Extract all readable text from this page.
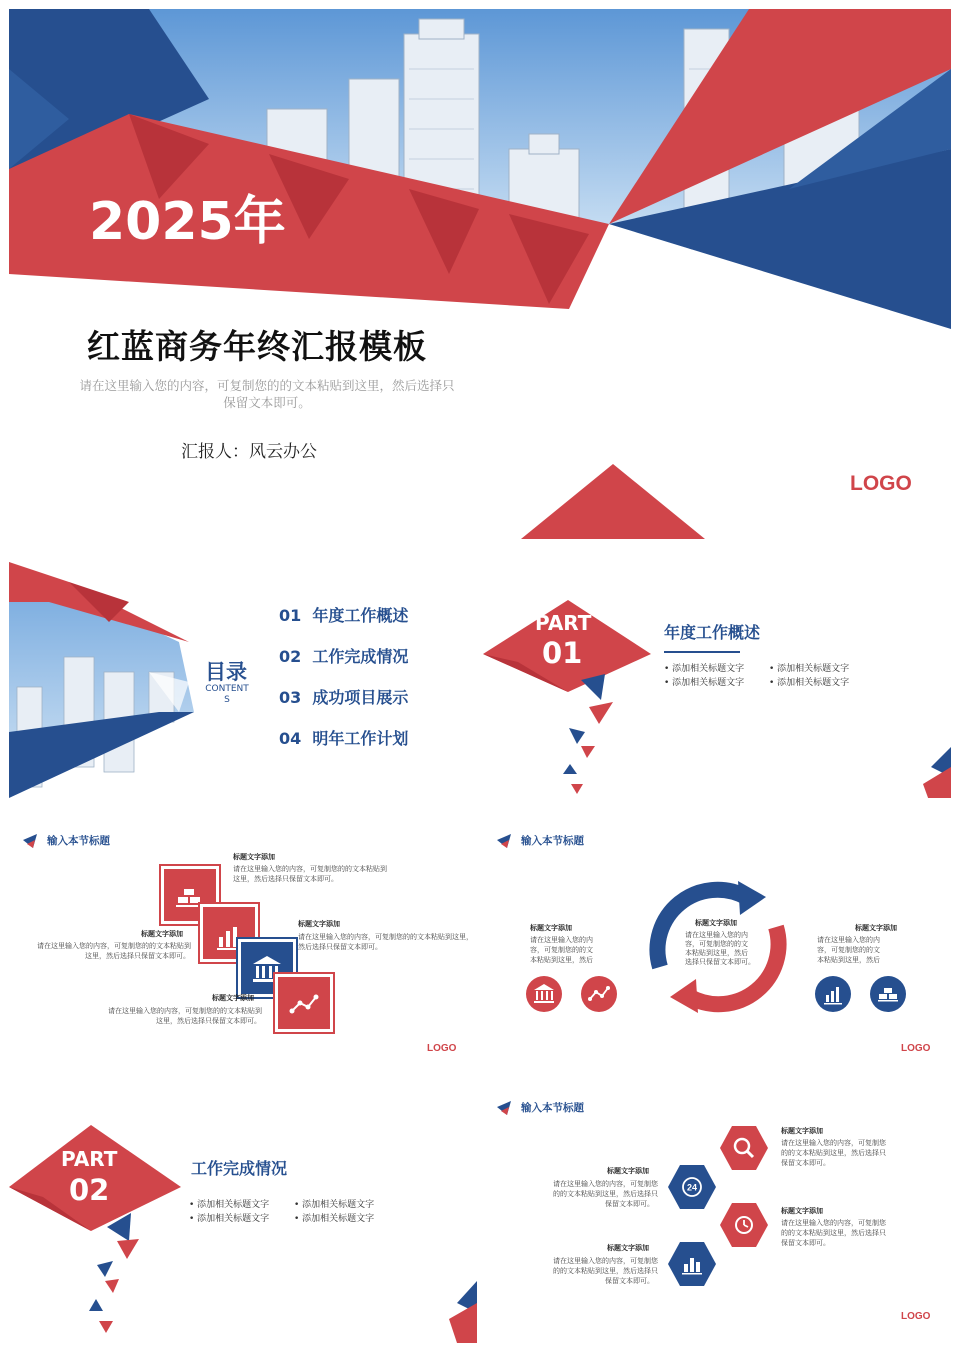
2025年
红蓝商务年终汇报模板
请在这里输入您的内容，可复制您的的文本粘贴到这里，然后选择只
保留文本即可。
汇报人：风云办公
LOGO
目录
CONTENT
S
01  年度工作概述
02  工作完成情况
03  成功项目展示
04  明年工作计划
PART
01
年度工作概述
• 添加相关标题文字
• 添加相关标题文字
• 添加相关标题文字
• 添加相关标题文字
输入本节标题
标题文字添加
请在这里输入您的内容，可复制您的的文本粘贴到
这里，然后选择只保留文本即可。
标题文字添加
请在这里输入您的内容，可复制您的的文本粘贴到
这里，然后选择只保留文本即可。
标题文字添加
请在这里输入您的内容，可复制您的的文本粘贴到这里，
然后选择只保留文本即可。
标题文字添加
请在这里输入您的内容，可复制您的的文本粘贴到
这里，然后选择只保留文本即可。
LOGO
输入本节标题
标题文字添加
请在这里输入您的内
容，可复制您的的文
本粘贴到这里，然后
选择只保留文本即可。
标题文字添加
请在这里输入您的内
容，可复制您的的文
本粘贴到这里，然后
标题文字添加
请在这里输入您的内
容，可复制您的的文
本粘贴到这里，然后
LOGO
PART
02
工作完成情况
• 添加相关标题文字
• 添加相关标题文字
• 添加相关标题文字
• 添加相关标题文字
输入本节标题
24
标题文字添加
请在这里输入您的内容，可复制您
的的文本粘贴到这里，然后选择只
保留文本即可。
标题文字添加
请在这里输入您的内容，可复制您
的的文本粘贴到这里，然后选择只
保留文本即可。
标题文字添加
请在这里输入您的内容，可复制您
的的文本粘贴到这里，然后选择只
保留文本即可。
标题文字添加
请在这里输入您的内容，可复制您
的的文本粘贴到这里，然后选择只
保留文本即可。
LOGO
